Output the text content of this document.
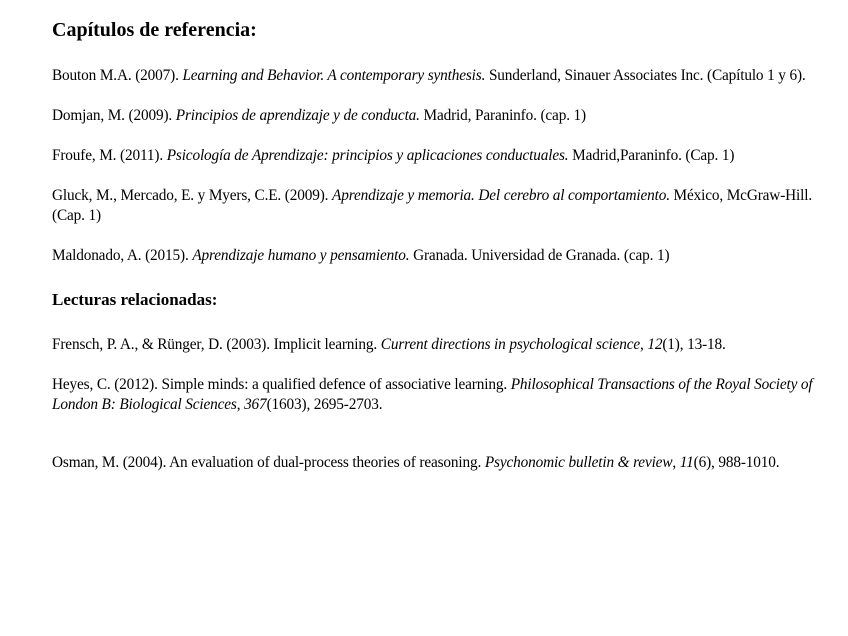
Capítulos de referencia:

Bouton M.A. (2007). Learning and Behavior. A contemporary synthesis. Sunderland, Sinauer Associates Inc. (Capítulo 1 y 6).

Domjan, M. (2009). Principios de aprendizaje y de conducta. Madrid, Paraninfo. (cap. 1)

Froufe, M. (2011). Psicología de Aprendizaje: principios y aplicaciones conductuales. Madrid,Paraninfo. (Cap. 1)

Gluck, M., Mercado, E. y Myers, C.E. (2009). Aprendizaje y memoria. Del cerebro al comportamiento. México, McGraw-Hill. (Cap. 1)

Maldonado, A. (2015). Aprendizaje humano y pensamiento. Granada. Universidad de Granada. (cap. 1)

Lecturas relacionadas:

Frensch, P. A., & Rünger, D. (2003). Implicit learning. Current directions in psychological science, 12(1), 13-18.

Heyes, C. (2012). Simple minds: a qualified defence of associative learning. Philosophical Transactions of the Royal Society of London B: Biological Sciences, 367(1603), 2695-2703.

Osman, M. (2004). An evaluation of dual-process theories of reasoning. Psychonomic bulletin & review, 11(6), 988-1010.
